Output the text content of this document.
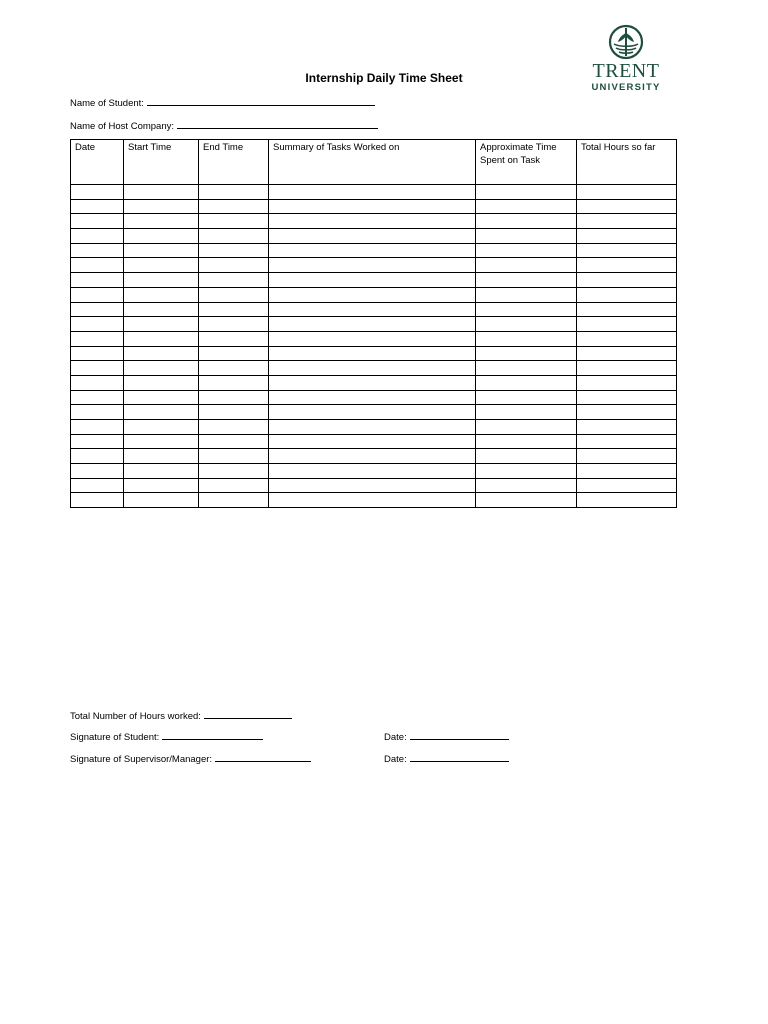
TRENT
UNIVERSITY
Internship Daily Time Sheet
Name of Student:
Name of Host Company:
Date	Start Time	End Time	Summary of Tasks Worked on	Approximate Time Spent on Task	Total Hours so far

Total Number of Hours worked:
Signature of Student:	Date:
Signature of Supervisor/Manager:	Date:
